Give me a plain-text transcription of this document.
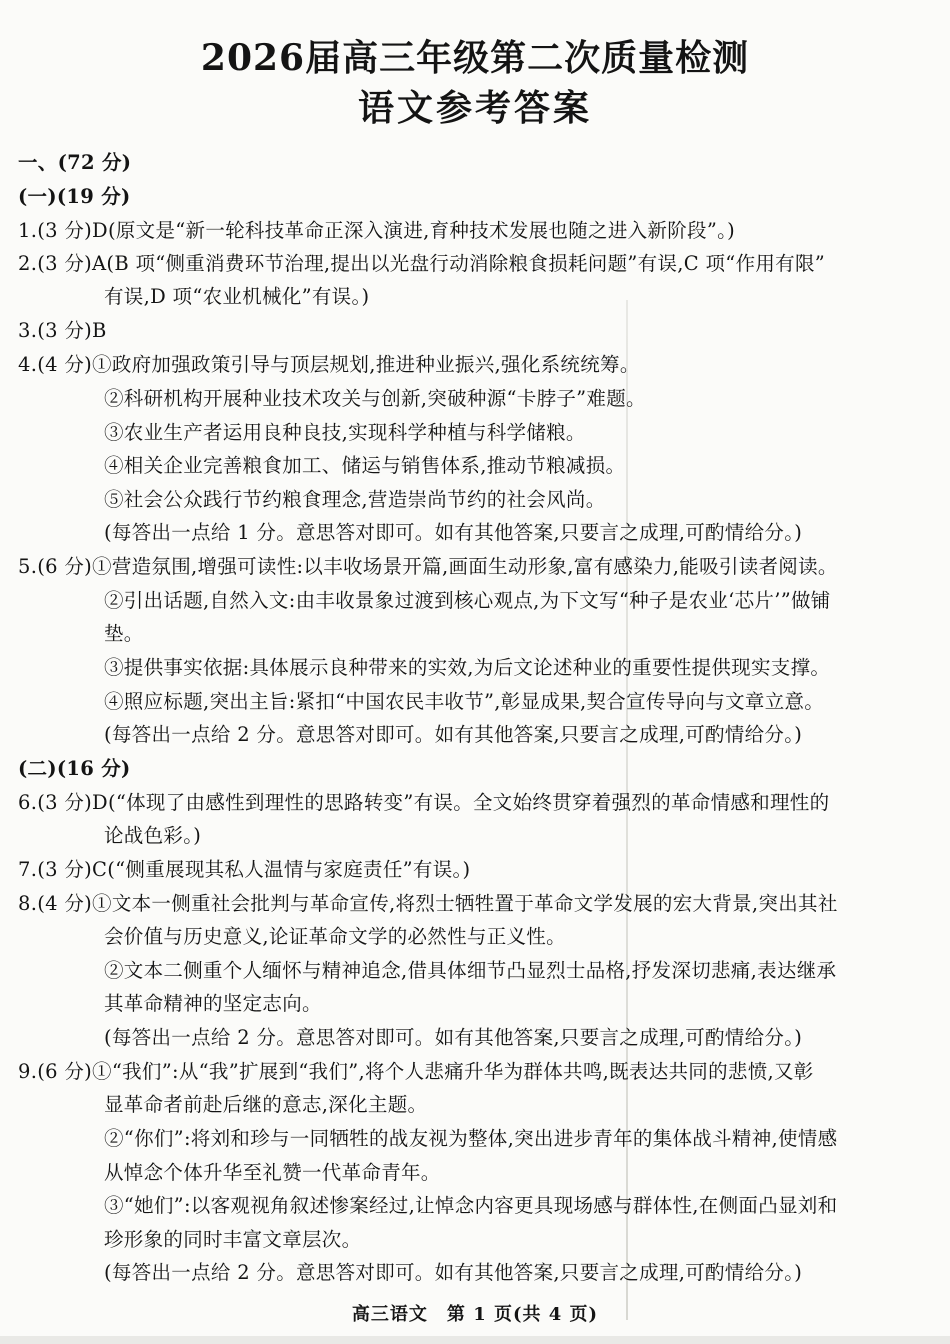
2026届高三年级第二次质量检测
语文参考答案
一、(72 分)
(一)(19 分)
1.(3 分)D(原文是“新一轮科技革命正深入演进,育种技术发展也随之进入新阶段”。)
2.(3 分)A(B 项“侧重消费环节治理,提出以光盘行动消除粮食损耗问题”有误,C 项“作用有限”
有误,D 项“农业机械化”有误。)
3.(3 分)B
4.(4 分)①政府加强政策引导与顶层规划,推进种业振兴,强化系统统筹。
②科研机构开展种业技术攻关与创新,突破种源“卡脖子”难题。
③农业生产者运用良种良技,实现科学种植与科学储粮。
④相关企业完善粮食加工、储运与销售体系,推动节粮减损。
⑤社会公众践行节约粮食理念,营造崇尚节约的社会风尚。
(每答出一点给 1 分。意思答对即可。如有其他答案,只要言之成理,可酌情给分。)
5.(6 分)①营造氛围,增强可读性:以丰收场景开篇,画面生动形象,富有感染力,能吸引读者阅读。
②引出话题,自然入文:由丰收景象过渡到核心观点,为下文写“种子是农业‘芯片’”做铺
垫。
③提供事实依据:具体展示良种带来的实效,为后文论述种业的重要性提供现实支撑。
④照应标题,突出主旨:紧扣“中国农民丰收节”,彰显成果,契合宣传导向与文章立意。
(每答出一点给 2 分。意思答对即可。如有其他答案,只要言之成理,可酌情给分。)
(二)(16 分)
6.(3 分)D(“体现了由感性到理性的思路转变”有误。全文始终贯穿着强烈的革命情感和理性的
论战色彩。)
7.(3 分)C(“侧重展现其私人温情与家庭责任”有误。)
8.(4 分)①文本一侧重社会批判与革命宣传,将烈士牺牲置于革命文学发展的宏大背景,突出其社
会价值与历史意义,论证革命文学的必然性与正义性。
②文本二侧重个人缅怀与精神追念,借具体细节凸显烈士品格,抒发深切悲痛,表达继承
其革命精神的坚定志向。
(每答出一点给 2 分。意思答对即可。如有其他答案,只要言之成理,可酌情给分。)
9.(6 分)①“我们”:从“我”扩展到“我们”,将个人悲痛升华为群体共鸣,既表达共同的悲愤,又彰
显革命者前赴后继的意志,深化主题。
②“你们”:将刘和珍与一同牺牲的战友视为整体,突出进步青年的集体战斗精神,使情感
从悼念个体升华至礼赞一代革命青年。
③“她们”:以客观视角叙述惨案经过,让悼念内容更具现场感与群体性,在侧面凸显刘和
珍形象的同时丰富文章层次。
(每答出一点给 2 分。意思答对即可。如有其他答案,只要言之成理,可酌情给分。)
高三语文　第 1 页(共 4 页)
